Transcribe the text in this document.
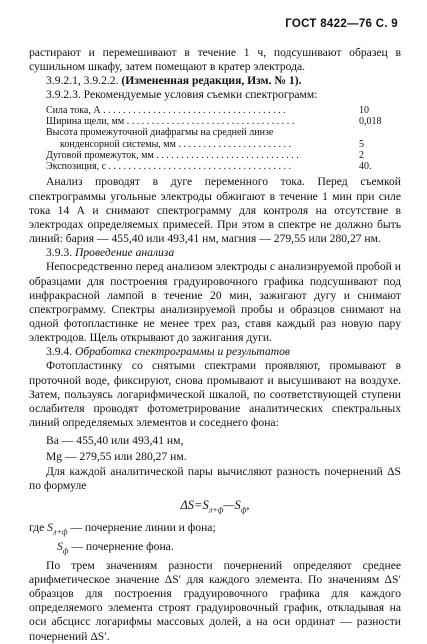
ГОСТ 8422—76 С. 9

растирают и перемешивают в течение 1 ч, подсушивают образец в сушильном шкафу, затем помещают в кратер электрода.

3.9.2.1, 3.9.2.2. (Измененная редакция, Изм. № 1).

3.9.2.3. Рекомендуемые условия съемки спектрограмм:

Сила тока, А . . . . . . . . . . . . . . . . . . . . . . . . . . . . . . . . . . . . .	10
Ширина щели, мм . . . . . . . . . . . . . . . . . . . . . . . . . . . . . . . . . .	0,018
Высота промежуточной диафрагмы на средней линзе	
конденсорной системы, мм . . . . . . . . . . . . . . . . . . . . . . .	5
Дуговой промежуток, мм . . . . . . . . . . . . . . . . . . . . . . . . . . . . .	2
Экспозиция, с . . . . . . . . . . . . . . . . . . . . . . . . . . . . . . . . . . . . .	40.

Анализ проводят в дуге переменного тока. Перед съемкой спектрограммы угольные электроды обжигают в течение 1 мин при силе тока 14 А и снимают спектрограмму для контроля на отсутствие в электродах определяемых примесей. При этом в спектре не должно быть линий: бария — 455,40 или 493,41 нм, магния — 279,55 или 280,27 нм.

3.9.3. Проведение анализа

Непосредственно перед анализом электроды с анализируемой пробой и образцами для построения градуировочного графика подсушивают под инфракрасной лампой в течение 20 мин, зажигают дугу и снимают спектрограмму. Спектры анализируемой пробы и образцов снимают на одной фотопластинке не менее трех раз, ставя каждый раз новую пару электродов. Щель открывают до зажигания дуги.

3.9.4. Обработка спектрограммы и результатов

Фотопластинку со снятыми спектрами проявляют, промывают в проточной воде, фиксируют, снова промывают и высушивают на воздухе. Затем, пользуясь логарифмической шкалой, по соответствующей ступени ослабителя проводят фотометрирование аналитических спектральных линий определяемых элементов и соседнего фона:

Ва — 455,40 или 493,41 нм,
Mg — 279,55 или 280,27 нм.

Для каждой аналитической пары вычисляют разность почернений ΔS по формуле

$\Delta S=S_{л+ф}—S_ф$,
где $S_{л+ф}$ — почернение линии и фона;
$S_ф$ — почернение фона.

По трем значениям разности почернений определяют среднее арифметическое значение ΔS′ для каждого элемента. По значениям ΔS′ образцов для построения градуировочного графика для каждого определяемого элемента строят градуировочный график, откладывая на оси абсцисс логарифмы массовых долей, а на оси ординат — разности почернений ΔS′.
